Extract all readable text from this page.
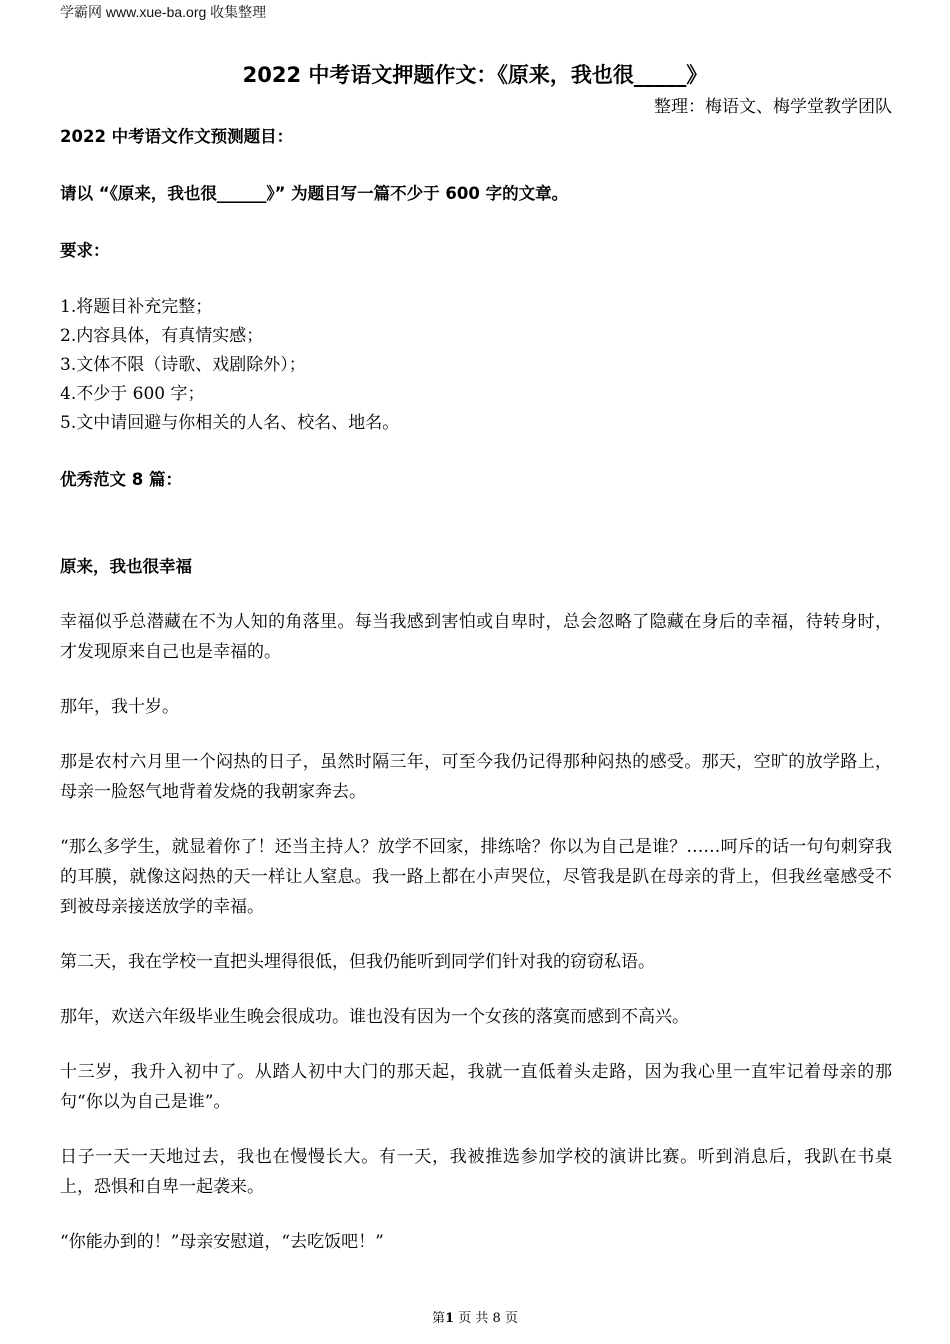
学霸网 www.xue-ba.org 收集整理
2022 中考语文押题作文：《原来，我也很_____》
整理：梅语文、梅学堂教学团队

2022 中考语文作文预测题目：

请以 “《原来，我也很______》” 为题目写一篇不少于 600 字的文章。

要求：

1.将题目补充完整；
2.内容具体，有真情实感；
3.文体不限（诗歌、戏剧除外）；
4.不少于 600 字；
5.文中请回避与你相关的人名、校名、地名。

优秀范文 8 篇：

原来，我也很幸福

幸福似乎总潜藏在不为人知的角落里。每当我感到害怕或自卑时，总会忽略了隐藏在身后的幸福，待转身时，才发现原来自己也是幸福的。

那年，我十岁。

那是农村六月里一个闷热的日子，虽然时隔三年，可至今我仍记得那种闷热的感受。那天，空旷的放学路上，母亲一脸怒气地背着发烧的我朝家奔去。

“那么多学生，就显着你了！还当主持人？放学不回家，排练啥？你以为自己是谁？……呵斥的话一句句刺穿我的耳膜，就像这闷热的天一样让人窒息。我一路上都在小声哭位，尽管我是趴在母亲的背上，但我丝毫感受不到被母亲接送放学的幸福。

第二天，我在学校一直把头埋得很低，但我仍能听到同学们针对我的窃窃私语。

那年，欢送六年级毕业生晚会很成功。谁也没有因为一个女孩的落寞而感到不高兴。

十三岁，我升入初中了。从踏人初中大门的那天起，我就一直低着头走路，因为我心里一直牢记着母亲的那句“你以为自己是谁”。

日子一天一天地过去，我也在慢慢长大。有一天，我被推选参加学校的演讲比赛。听到消息后，我趴在书桌上，恐惧和自卑一起袭来。

“你能办到的！”母亲安慰道，“去吃饭吧！”

第1 页 共 8 页
